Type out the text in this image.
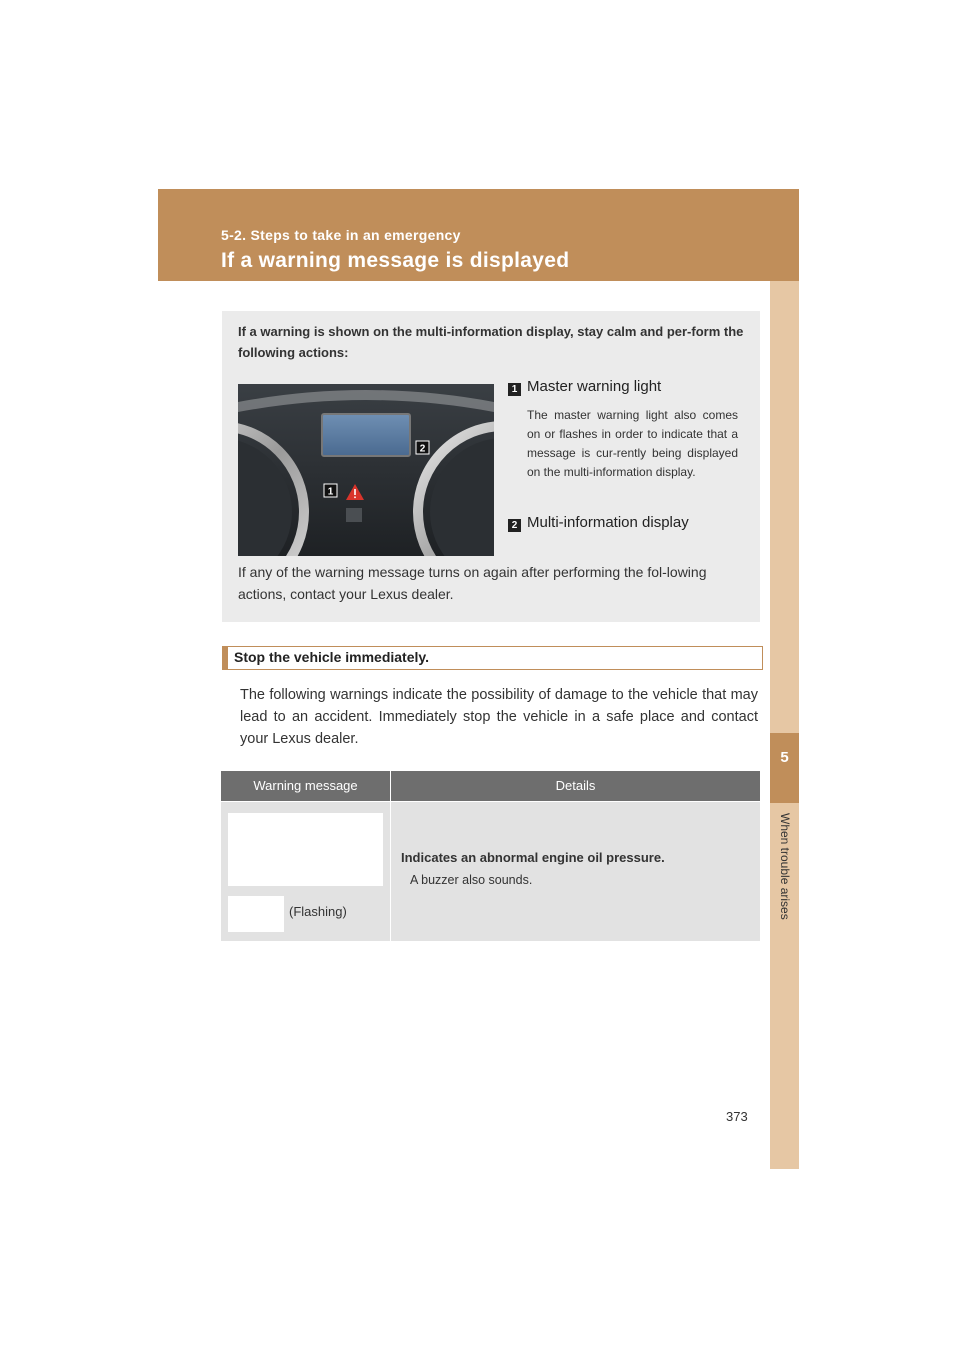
5-2. Steps to take in an emergency
If a warning message is displayed
5
When trouble arises
If a warning is shown on the multi-information display, stay calm and per-form the following actions:
1
2
1 Master warning light
The master warning light also comes on or flashes in order to indicate that a message is cur-rently being displayed on the multi-information display.
2 Multi-information display
If any of the warning message turns on again after performing the fol-lowing actions, contact your Lexus dealer.
Stop the vehicle immediately.
The following warnings indicate the possibility of damage to the vehicle that may lead to an accident. Immediately stop the vehicle in a safe place and contact your Lexus dealer.
Warning message	Details
(Flashing)
Indicates an abnormal engine oil pressure.
A buzzer also sounds.
373
